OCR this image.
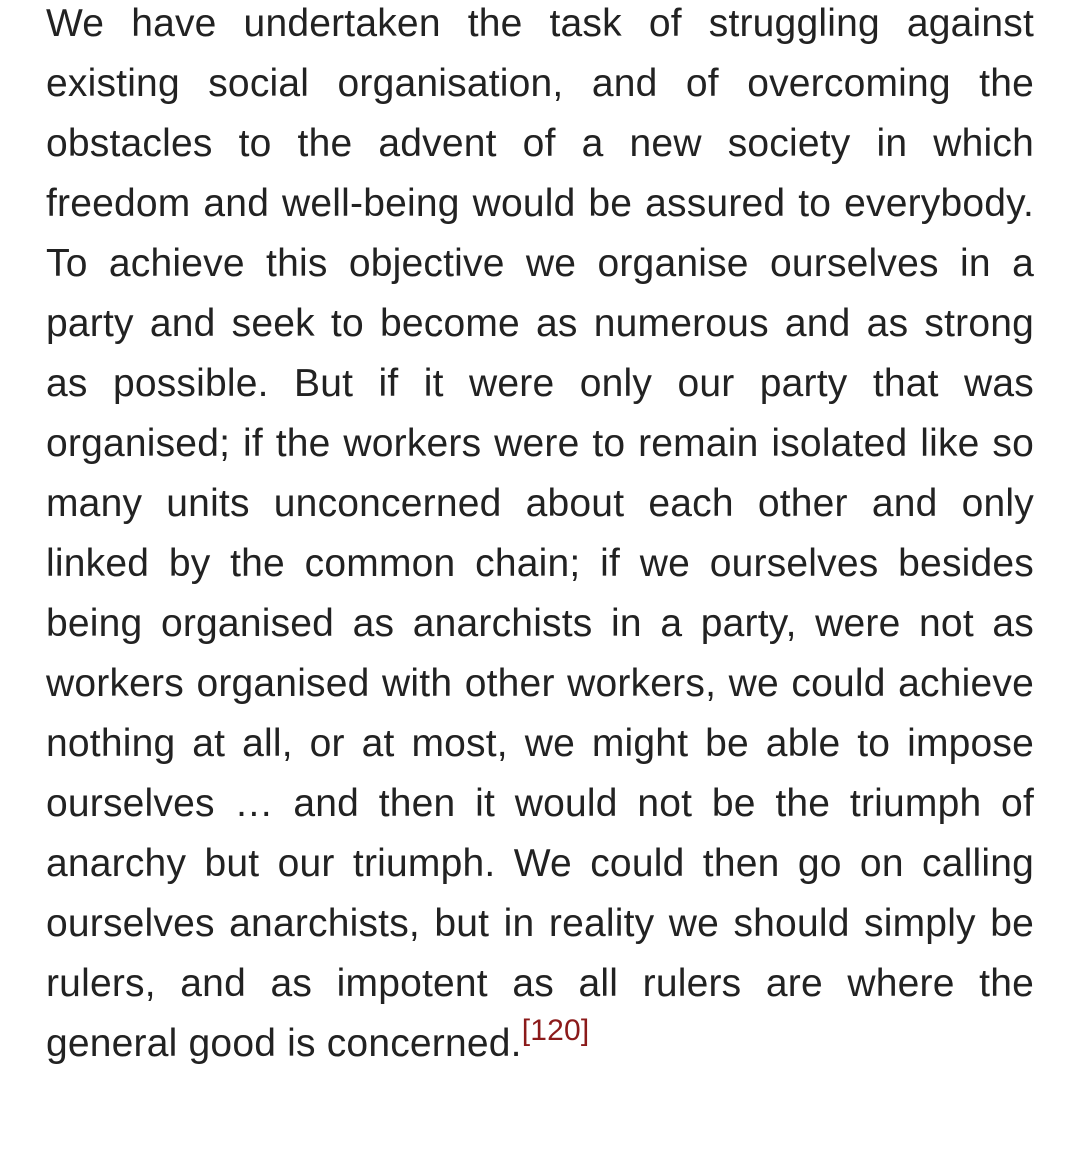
We have undertaken the task of struggling against existing social organisation, and of overcoming the obstacles to the advent of a new society in which freedom and well-being would be assured to everybody. To achieve this objective we organise ourselves in a party and seek to become as numerous and as strong as possible. But if it were only our party that was organised; if the workers were to remain isolated like so many units unconcerned about each other and only linked by the common chain; if we ourselves besides being organised as anarchists in a party, were not as workers organised with other workers, we could achieve nothing at all, or at most, we might be able to impose ourselves … and then it would not be the triumph of anarchy but our triumph. We could then go on calling ourselves anarchists, but in reality we should simply be rulers, and as impotent as all rulers are where the general good is concerned.[120]
